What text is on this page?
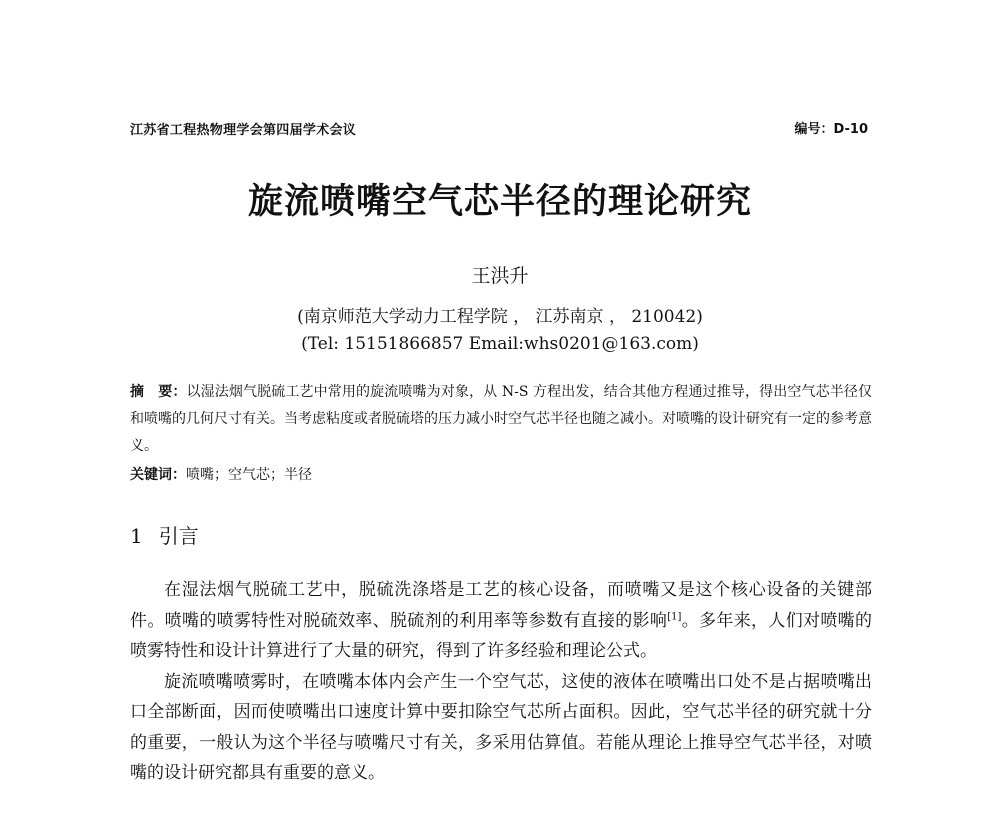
江苏省工程热物理学会第四届学术会议	编号：D-10
旋流喷嘴空气芯半径的理论研究
王洪升
(南京师范大学动力工程学院 ， 江苏南京 ， 210042)
(Tel: 15151866857 Email:whs0201@163.com)
摘　要：以湿法烟气脱硫工艺中常用的旋流喷嘴为对象，从 N-S 方程出发，结合其他方程通过推导，得出空气芯半径仅和喷嘴的几何尺寸有关。当考虑粘度或者脱硫塔的压力减小时空气芯半径也随之减小。对喷嘴的设计研究有一定的参考意义。
关键词：喷嘴；空气芯；半径
1 引言

在湿法烟气脱硫工艺中，脱硫洗涤塔是工艺的核心设备，而喷嘴又是这个核心设备的关键部件。喷嘴的喷雾特性对脱硫效率、脱硫剂的利用率等参数有直接的影响[1]。多年来，人们对喷嘴的喷雾特性和设计计算进行了大量的研究，得到了许多经验和理论公式。

旋流喷嘴喷雾时，在喷嘴本体内会产生一个空气芯，这使的液体在喷嘴出口处不是占据喷嘴出口全部断面，因而使喷嘴出口速度计算中要扣除空气芯所占面积。因此，空气芯半径的研究就十分的重要，一般认为这个半径与喷嘴尺寸有关，多采用估算值。若能从理论上推导空气芯半径，对喷嘴的设计研究都具有重要的意义。
